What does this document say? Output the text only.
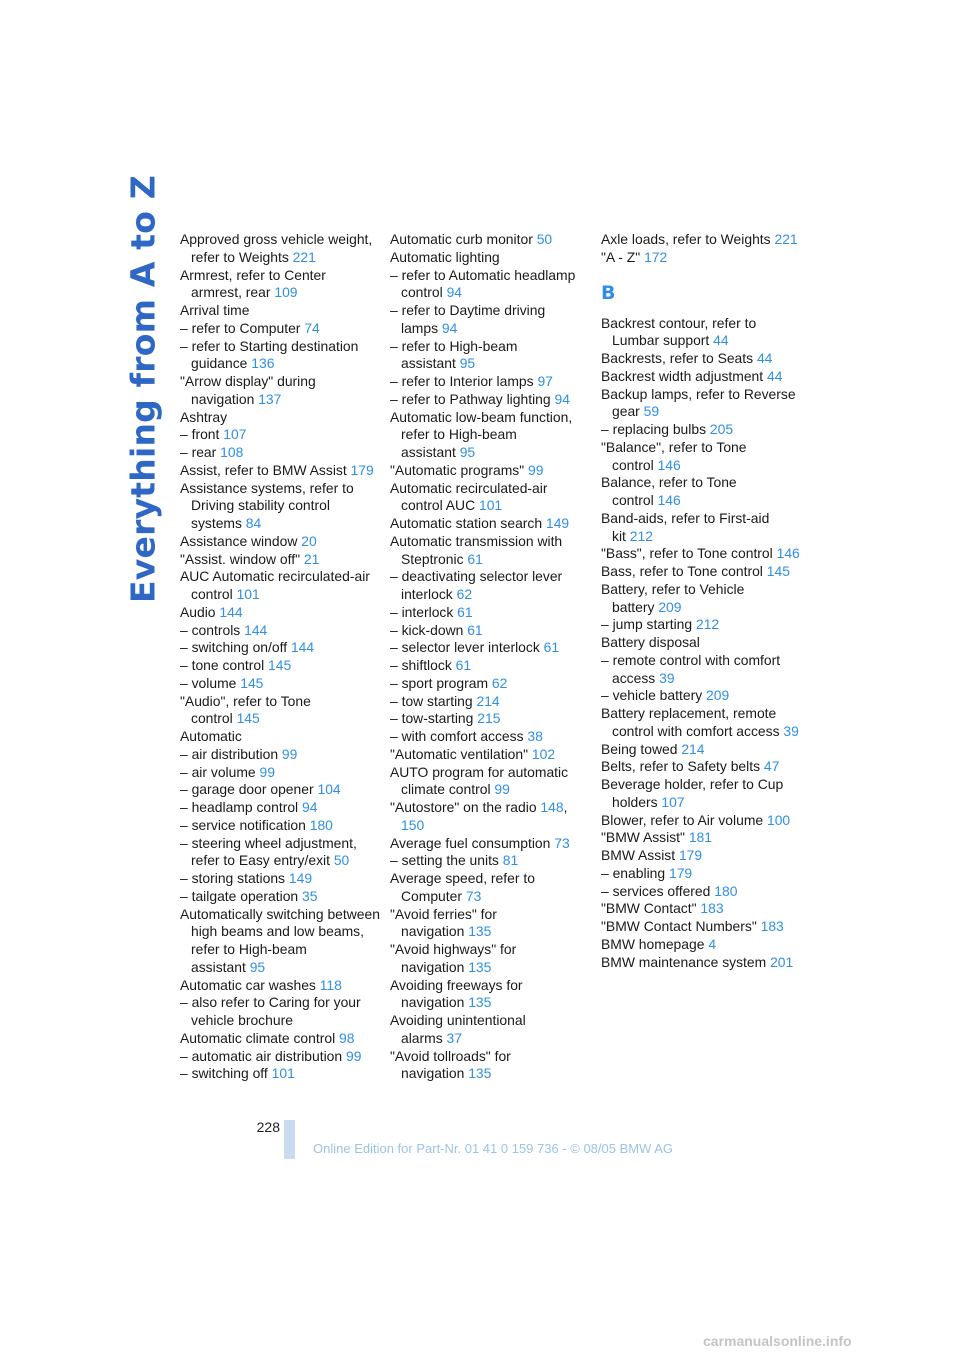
Everything from A to Z Approved gross vehicle weight, refer to Weights 221
Armrest, refer to Center armrest, rear 109
Arrival time
– refer to Computer 74
– refer to Starting destination guidance 136
"Arrow display" during navigation 137
Ashtray
– front 107
– rear 108
Assist, refer to BMW Assist 179
Assistance systems, refer to Driving stability control systems 84
Assistance window 20
"Assist. window off" 21
AUC Automatic recirculated-air control 101
Audio 144
– controls 144
– switching on/off 144
– tone control 145
– volume 145
"Audio", refer to Tone control 145
Automatic
– air distribution 99
– air volume 99
– garage door opener 104
– headlamp control 94
– service notification 180
– steering wheel adjustment, refer to Easy entry/exit 50
– storing stations 149
– tailgate operation 35
Automatically switching between high beams and low beams, refer to High-beam assistant 95
Automatic car washes 118
– also refer to Caring for your vehicle brochure
Automatic climate control 98
– automatic air distribution 99
– switching off 101
Automatic curb monitor 50
Automatic lighting
– refer to Automatic headlamp control 94
– refer to Daytime driving lamps 94
– refer to High-beam assistant 95
– refer to Interior lamps 97
– refer to Pathway lighting 94
Automatic low-beam function, refer to High-beam assistant 95
"Automatic programs" 99
Automatic recirculated-air control AUC 101
Automatic station search 149
Automatic transmission with Steptronic 61
– deactivating selector lever interlock 62
– interlock 61
– kick-down 61
– selector lever interlock 61
– shiftlock 61
– sport program 62
– tow starting 214
– tow-starting 215
– with comfort access 38
"Automatic ventilation" 102
AUTO program for automatic climate control 99
"Autostore" on the radio 148, 150
Average fuel consumption 73
– setting the units 81
Average speed, refer to Computer 73
"Avoid ferries" for navigation 135
"Avoid highways" for navigation 135
Avoiding freeways for navigation 135
Avoiding unintentional alarms 37
"Avoid tollroads" for navigation 135
Axle loads, refer to Weights 221
"A - Z" 172
B
Backrest contour, refer to Lumbar support 44
Backrests, refer to Seats 44
Backrest width adjustment 44
Backup lamps, refer to Reverse gear 59
– replacing bulbs 205
"Balance", refer to Tone control 146
Balance, refer to Tone control 146
Band-aids, refer to First-aid kit 212
"Bass", refer to Tone control 146
Bass, refer to Tone control 145
Battery, refer to Vehicle battery 209
– jump starting 212
Battery disposal
– remote control with comfort access 39
– vehicle battery 209
Battery replacement, remote control with comfort access 39
Being towed 214
Belts, refer to Safety belts 47
Beverage holder, refer to Cup holders 107
Blower, refer to Air volume 100
"BMW Assist" 181
BMW Assist 179
– enabling 179
– services offered 180
"BMW Contact" 183
"BMW Contact Numbers" 183
BMW homepage 4
BMW maintenance system 201
228
Online Edition for Part-Nr. 01 41 0 159 736 - © 08/05 BMW AG
carmanualsonline.info
